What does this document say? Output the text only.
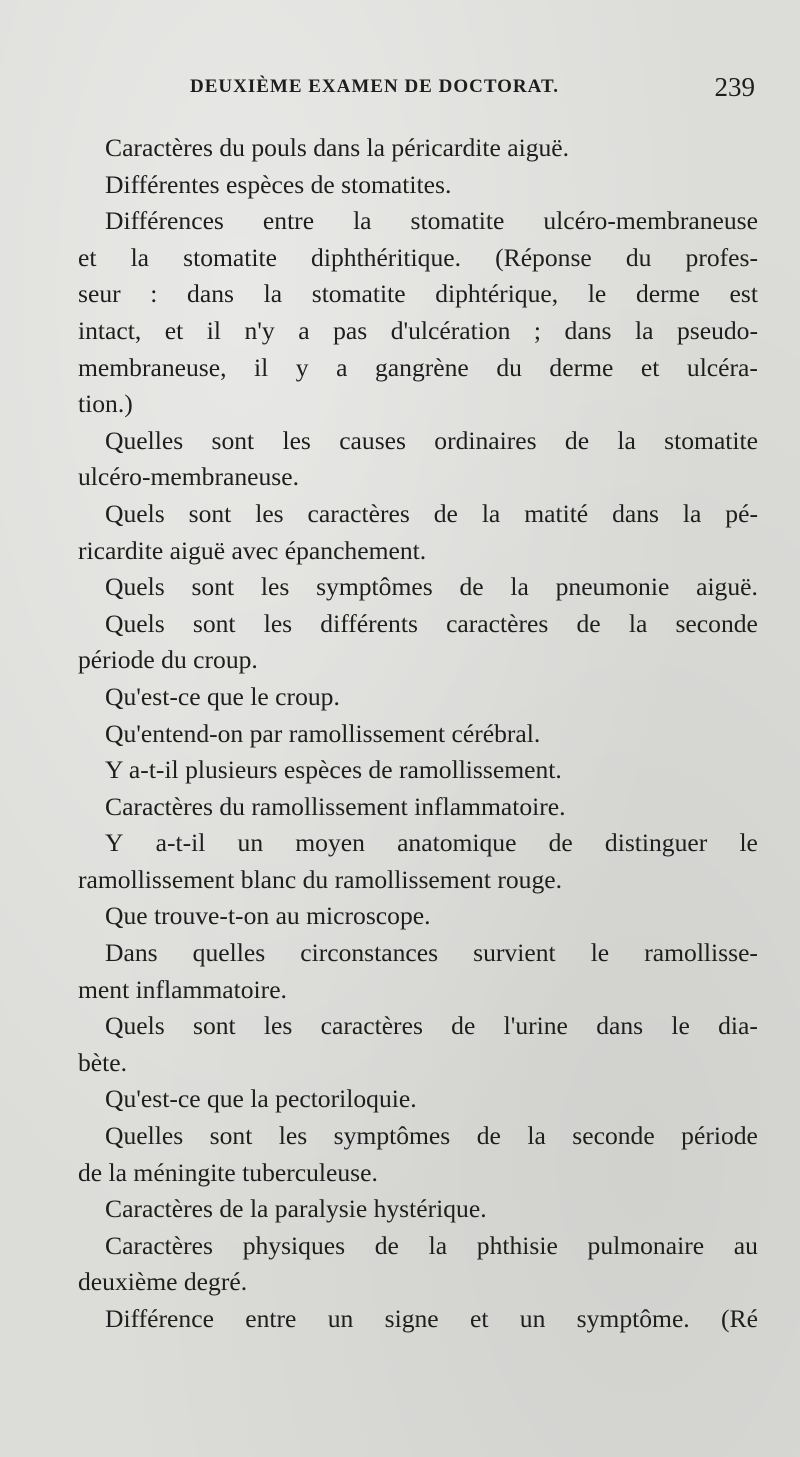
DEUXIÈME EXAMEN DE DOCTORAT.	239
Caractères du pouls dans la péricardite aiguë.
Différentes espèces de stomatites.
Différences entre la stomatite ulcéro-membraneuse
et la stomatite diphthéritique. (Réponse du profes-
seur : dans la stomatite diphtérique, le derme est
intact, et il n'y a pas d'ulcération ; dans la pseudo-
membraneuse, il y a gangrène du derme et ulcéra-
tion.)
Quelles sont les causes ordinaires de la stomatite
ulcéro-membraneuse.
Quels sont les caractères de la matité dans la pé-
ricardite aiguë avec épanchement.
Quels sont les symptômes de la pneumonie aiguë.
Quels sont les différents caractères de la seconde
période du croup.
Qu'est-ce que le croup.
Qu'entend-on par ramollissement cérébral.
Y a-t-il plusieurs espèces de ramollissement.
Caractères du ramollissement inflammatoire.
Y a-t-il un moyen anatomique de distinguer le
ramollissement blanc du ramollissement rouge.
Que trouve-t-on au microscope.
Dans quelles circonstances survient le ramollisse-
ment inflammatoire.
Quels sont les caractères de l'urine dans le dia-
bète.
Qu'est-ce que la pectoriloquie.
Quelles sont les symptômes de la seconde période
de la méningite tuberculeuse.
Caractères de la paralysie hystérique.
Caractères physiques de la phthisie pulmonaire au
deuxième degré.
Différence entre un signe et un symptôme. (Ré
